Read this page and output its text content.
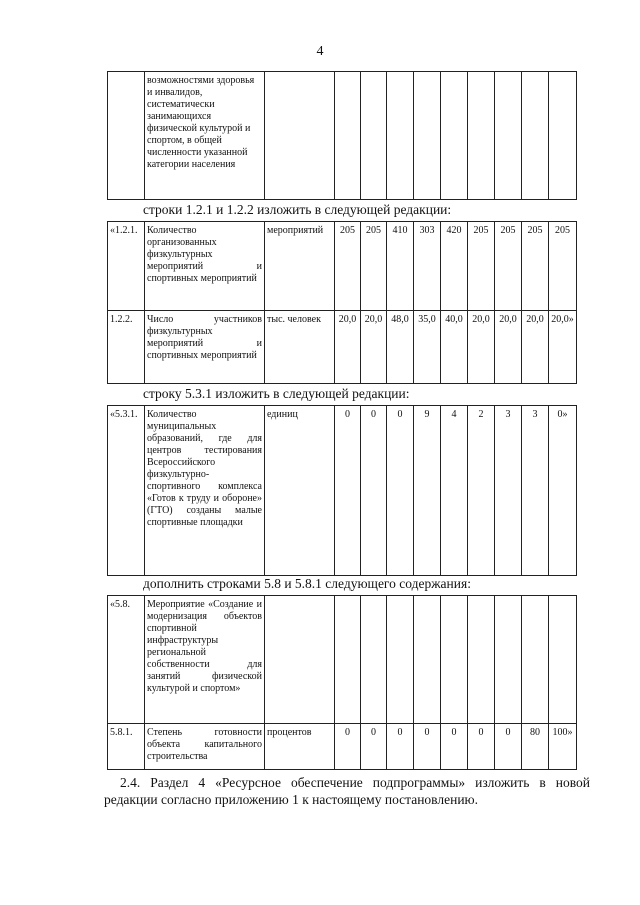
4
	возможностями здоровья и инвалидов, систематически занимающихся физической культурой и спортом, в общей численности указанной категории населения										
строки 1.2.1 и 1.2.2 изложить в следующей редакции:
«1.2.1.	Количество организованных физкультурных мероприятий и спортивных мероприятий	мероприятий	205	205	410	303	420	205	205	205	205
1.2.2.	Число участников физкультурных мероприятий и спортивных мероприятий	тыс. человек	20,0	20,0	48,0	35,0	40,0	20,0	20,0	20,0	20,0»
строку 5.3.1 изложить в следующей редакции:
«5.3.1.	Количество муниципальных образований, где для центров тестирования Всероссийского физкультурно-спортивного комплекса «Готов к труду и обороне» (ГТО) созданы малые спортивные площадки	единиц	0	0	0	9	4	2	3	3	0»
дополнить строками 5.8 и 5.8.1 следующего содержания:
«5.8.	Мероприятие «Создание и модернизация объектов спортивной инфраструктуры региональной собственности для занятий физической культурой и спортом»										
5.8.1.	Степень готовности объекта капитального строительства	процентов	0	0	0	0	0	0	0	80	100»
2.4. Раздел 4 «Ресурсное обеспечение подпрограммы» изложить в новой редакции согласно приложению 1 к настоящему постановлению.
